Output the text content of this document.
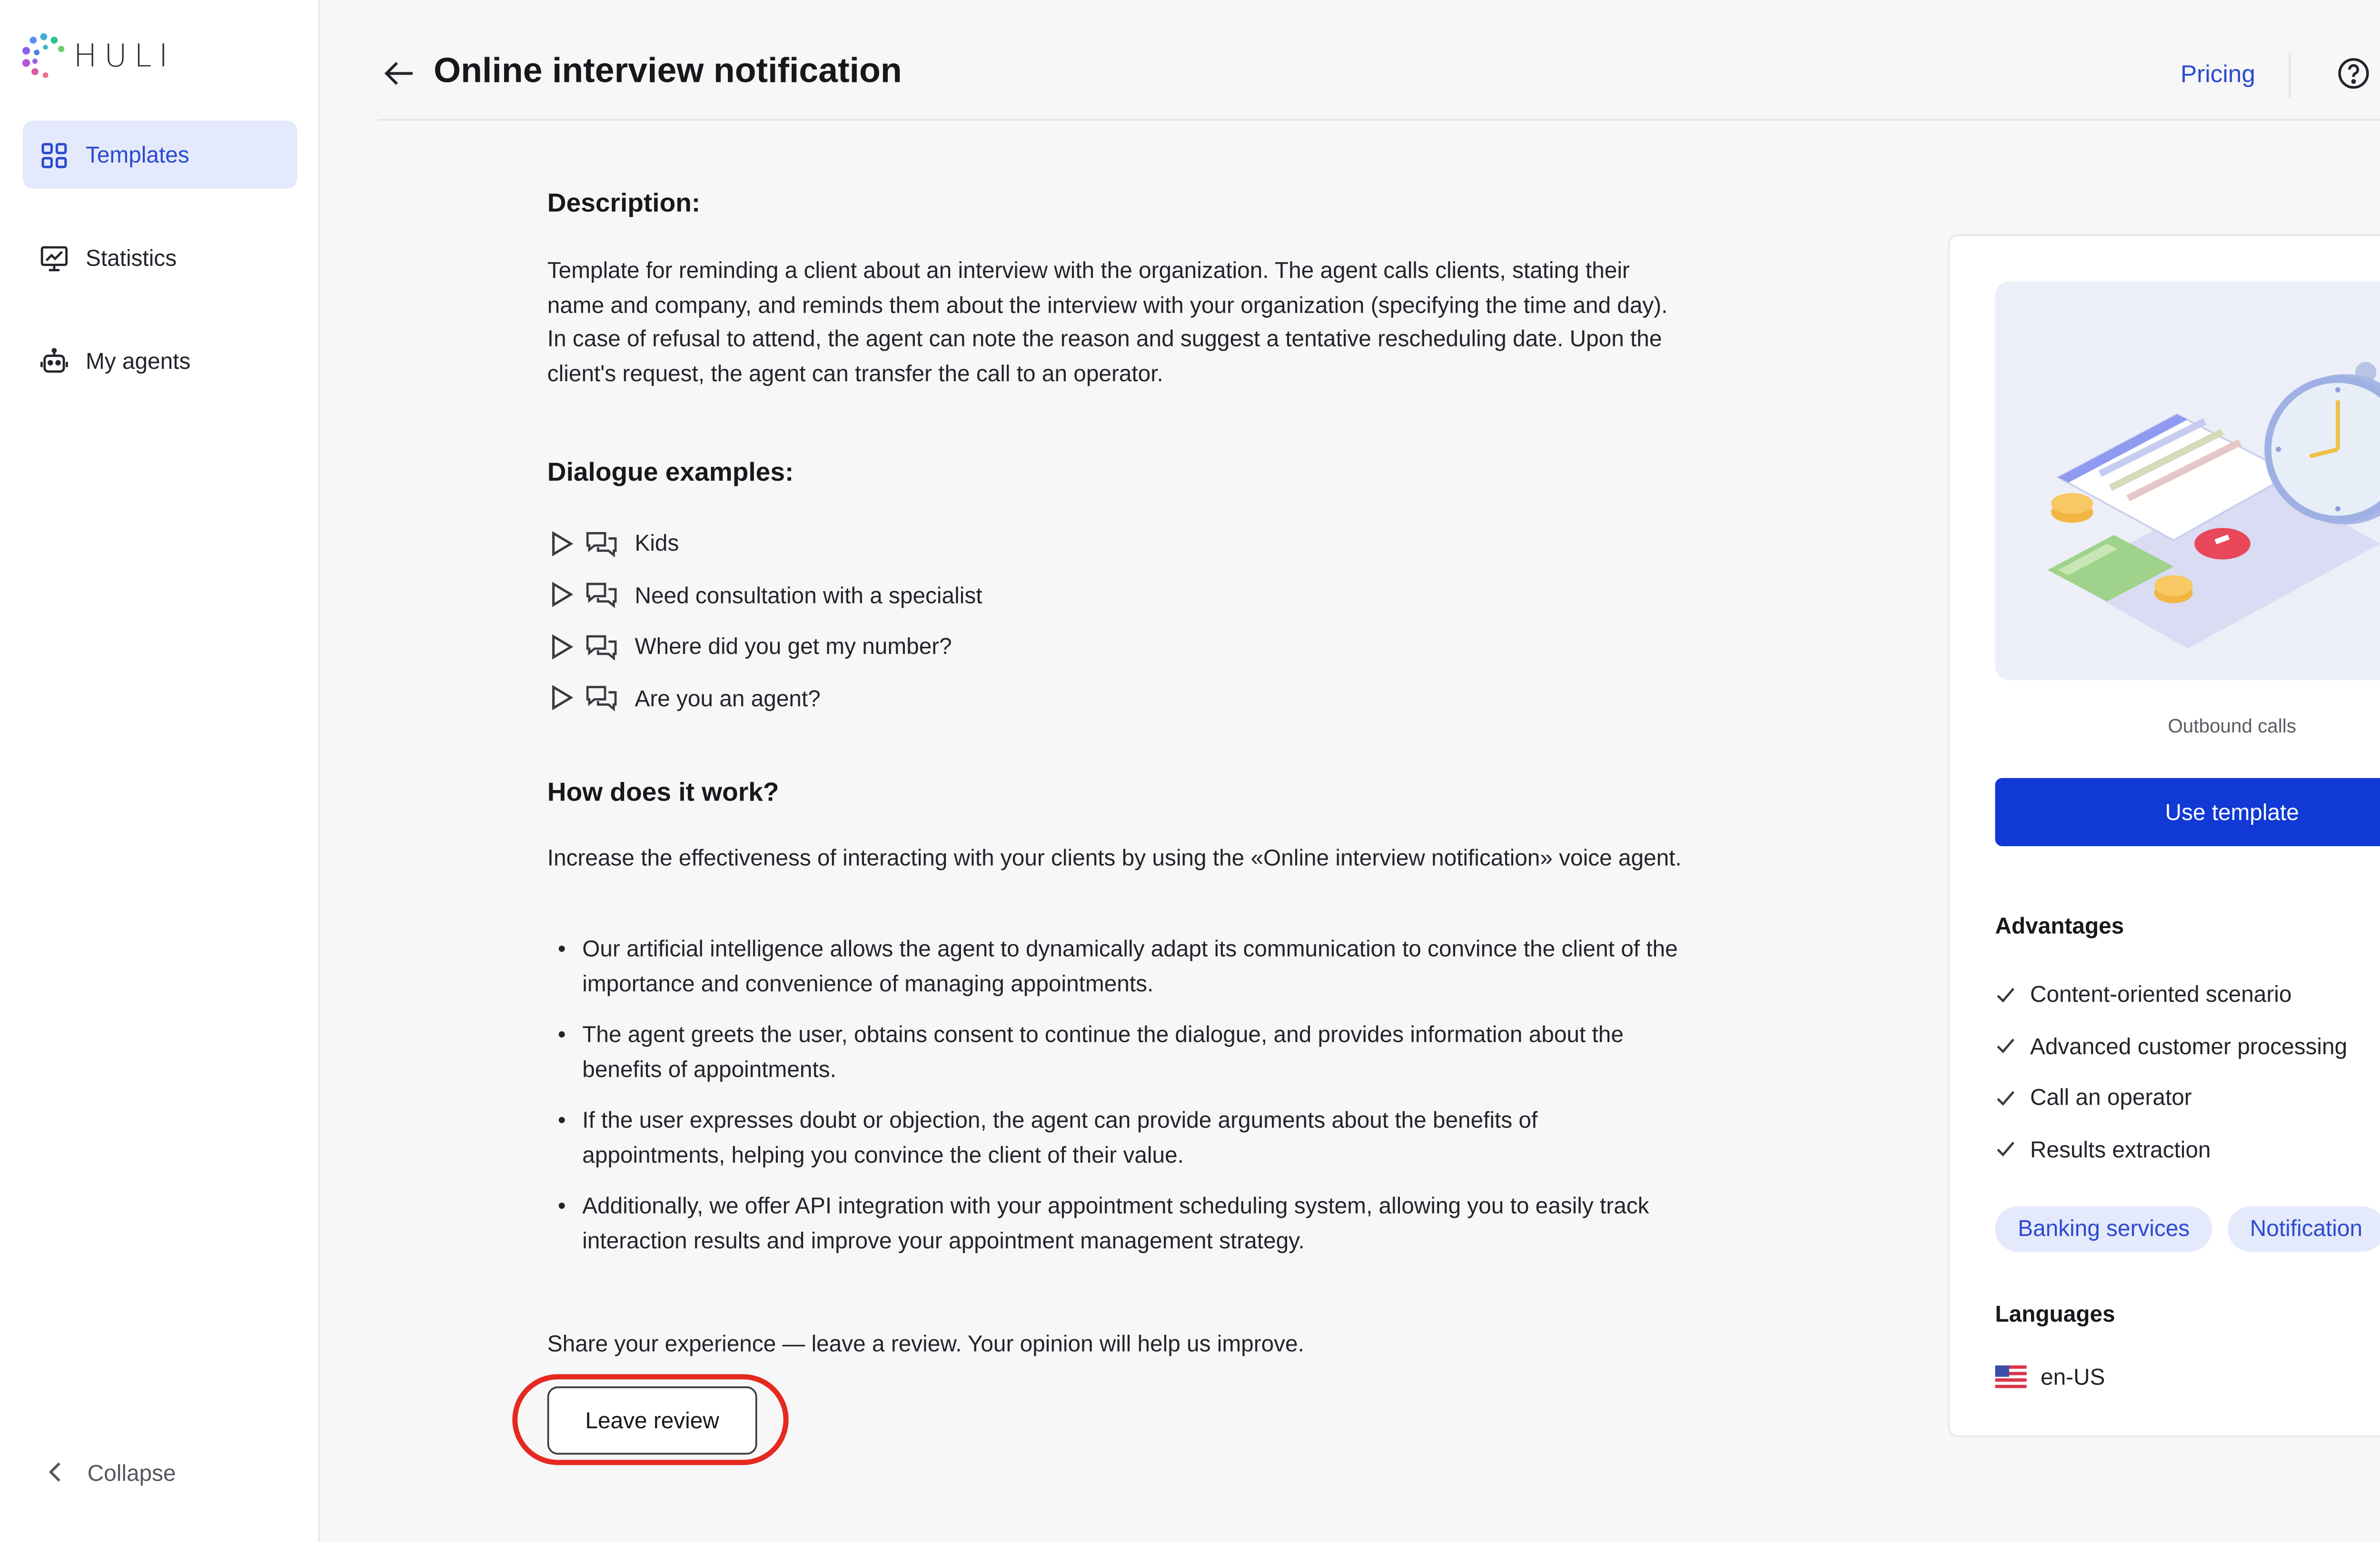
HULI
Templates
Statistics
My agents
Collapse
Online interview notification	Pricing
Description:

Template for reminding a client about an interview with the organization. The agent calls clients, stating their name and company, and reminds them about the interview with your organization (specifying the time and day). In case of refusal to attend, the agent can note the reason and suggest a tentative rescheduling date. Upon the client's request, the agent can transfer the call to an operator.

Dialogue examples:
Kids
Need consultation with a specialist
Where did you get my number?
Are you an agent?
How does it work?

Increase the effectiveness of interacting with your clients by using the «Online interview notification» voice agent.

• Our artificial intelligence allows the agent to dynamically adapt its communication to convince the client of the importance and convenience of managing appointments.
• The agent greets the user, obtains consent to continue the dialogue, and provides information about the benefits of appointments.
• If the user expresses doubt or objection, the agent can provide arguments about the benefits of appointments, helping you convince the client of their value.
• Additionally, we offer API integration with your appointment scheduling system, allowing you to easily track interaction results and improve your appointment management strategy.

Share your experience — leave a review. Your opinion will help us improve.

Leave review
Outbound calls
Use template
Advantages
Content-oriented scenario
Advanced customer processing
Call an operator
Results extraction
Banking services	Notification
Languages
en-US
